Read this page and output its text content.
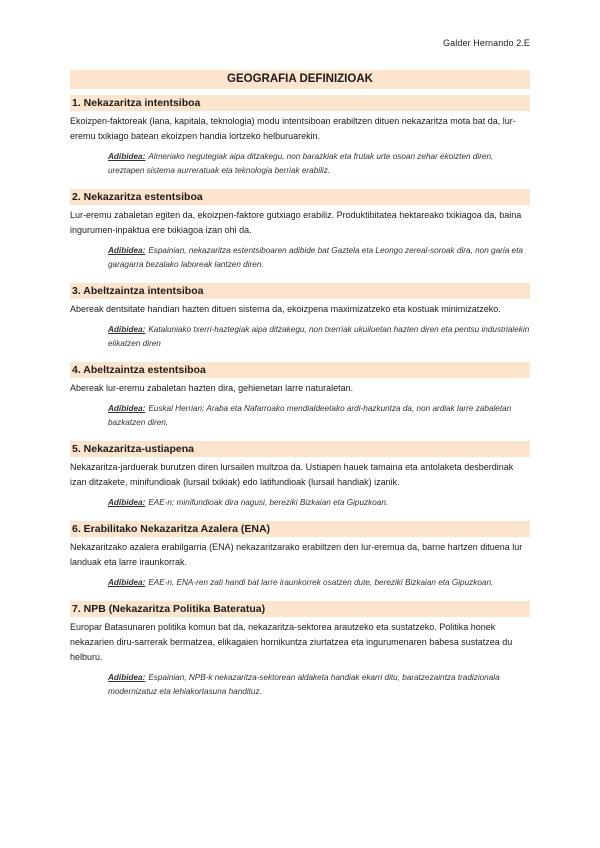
Galder Hernando 2.E
GEOGRAFIA DEFINIZIOAK
1. Nekazaritza intentsiboa

Ekoizpen-faktoreak (lana, kapitala, teknologia) modu intentsiboan erabiltzen dituen nekazaritza mota bat da, lur-eremu txikiago batean ekoizpen handia lortzeko helburuarekin.

Adibidea: Almeriako negutegiak aipa ditzakegu, non barazkiak eta frutak urte osoan zehar ekoizten diren, ureztapen sistema aurreratuak eta teknologia berriak erabiliz.
2. Nekazaritza estentsiboa

Lur-eremu zabaletan egiten da, ekoizpen-faktore gutxiago erabiliz. Produktibitatea hektareako txikiagoa da, baina ingurumen-inpaktua ere txikiagoa izan ohi da.

Adibidea: Espainian, nekazaritza estentsiboaren adibide bat Gaztela eta Leongo zereal-soroak dira, non garia eta garagarra bezalako laboreak lantzen diren.
3. Abeltzaintza intentsiboa

Abereak dentsitate handian hazten dituen sistema da, ekoizpena maximizatzeko eta kostuak minimizatzeko.

Adibidea: Kataluniako txerri-haztegiak aipa ditzakegu, non txerriak ukuiluetan hazten diren eta pentsu industrialekin elikatzen diren
4. Abeltzaintza estentsiboa

Abereak lur-eremu zabaletan hazten dira, gehienetan larre naturaletan.

Adibidea: Euskal Herrian; Araba eta Nafarroako mendialdeetako ardi-hazkuntza da, non ardiak larre zabaletan bazkatzen diren.
5. Nekazaritza-ustiapena

Nekazaritza-jarduerak burutzen diren lursailen multzoa da. Ustiapen hauek tamaina eta antolaketa desberdinak izan ditzakete, minifundioak (lursail txikiak) edo latifundioak (lursail handiak) izanik.

Adibidea: EAE-n; minifundioak dira nagusi, bereziki Bizkaian eta Gipuzkoan.
6. Erabilitako Nekazaritza Azalera (ENA)

Nekazaritzako azalera erabilgarria (ENA) nekazaritzarako erabiltzen den lur-eremua da, barne hartzen dituena lur landuak eta larre iraunkorrak.

Adibidea: EAE-n, ENA-ren zati handi bat larre iraunkorrek osatzen dute, bereziki Bizkaian eta Gipuzkoan.
7. NPB (Nekazaritza Politika Bateratua)

Europar Batasunaren politika komun bat da, nekazaritza-sektorea arautzeko eta sustatzeko. Politika honek nekazarien diru-sarrerak bermatzea, elikagaien hornikuntza ziurtatzea eta ingurumenaren babesa sustatzea du helburu.

Adibidea: Espainian, NPB-k nekazaritza-sektorean aldaketa handiak ekarri ditu, baratzezaintza tradizionala modernizatuz eta lehiakortasuna handituz.
